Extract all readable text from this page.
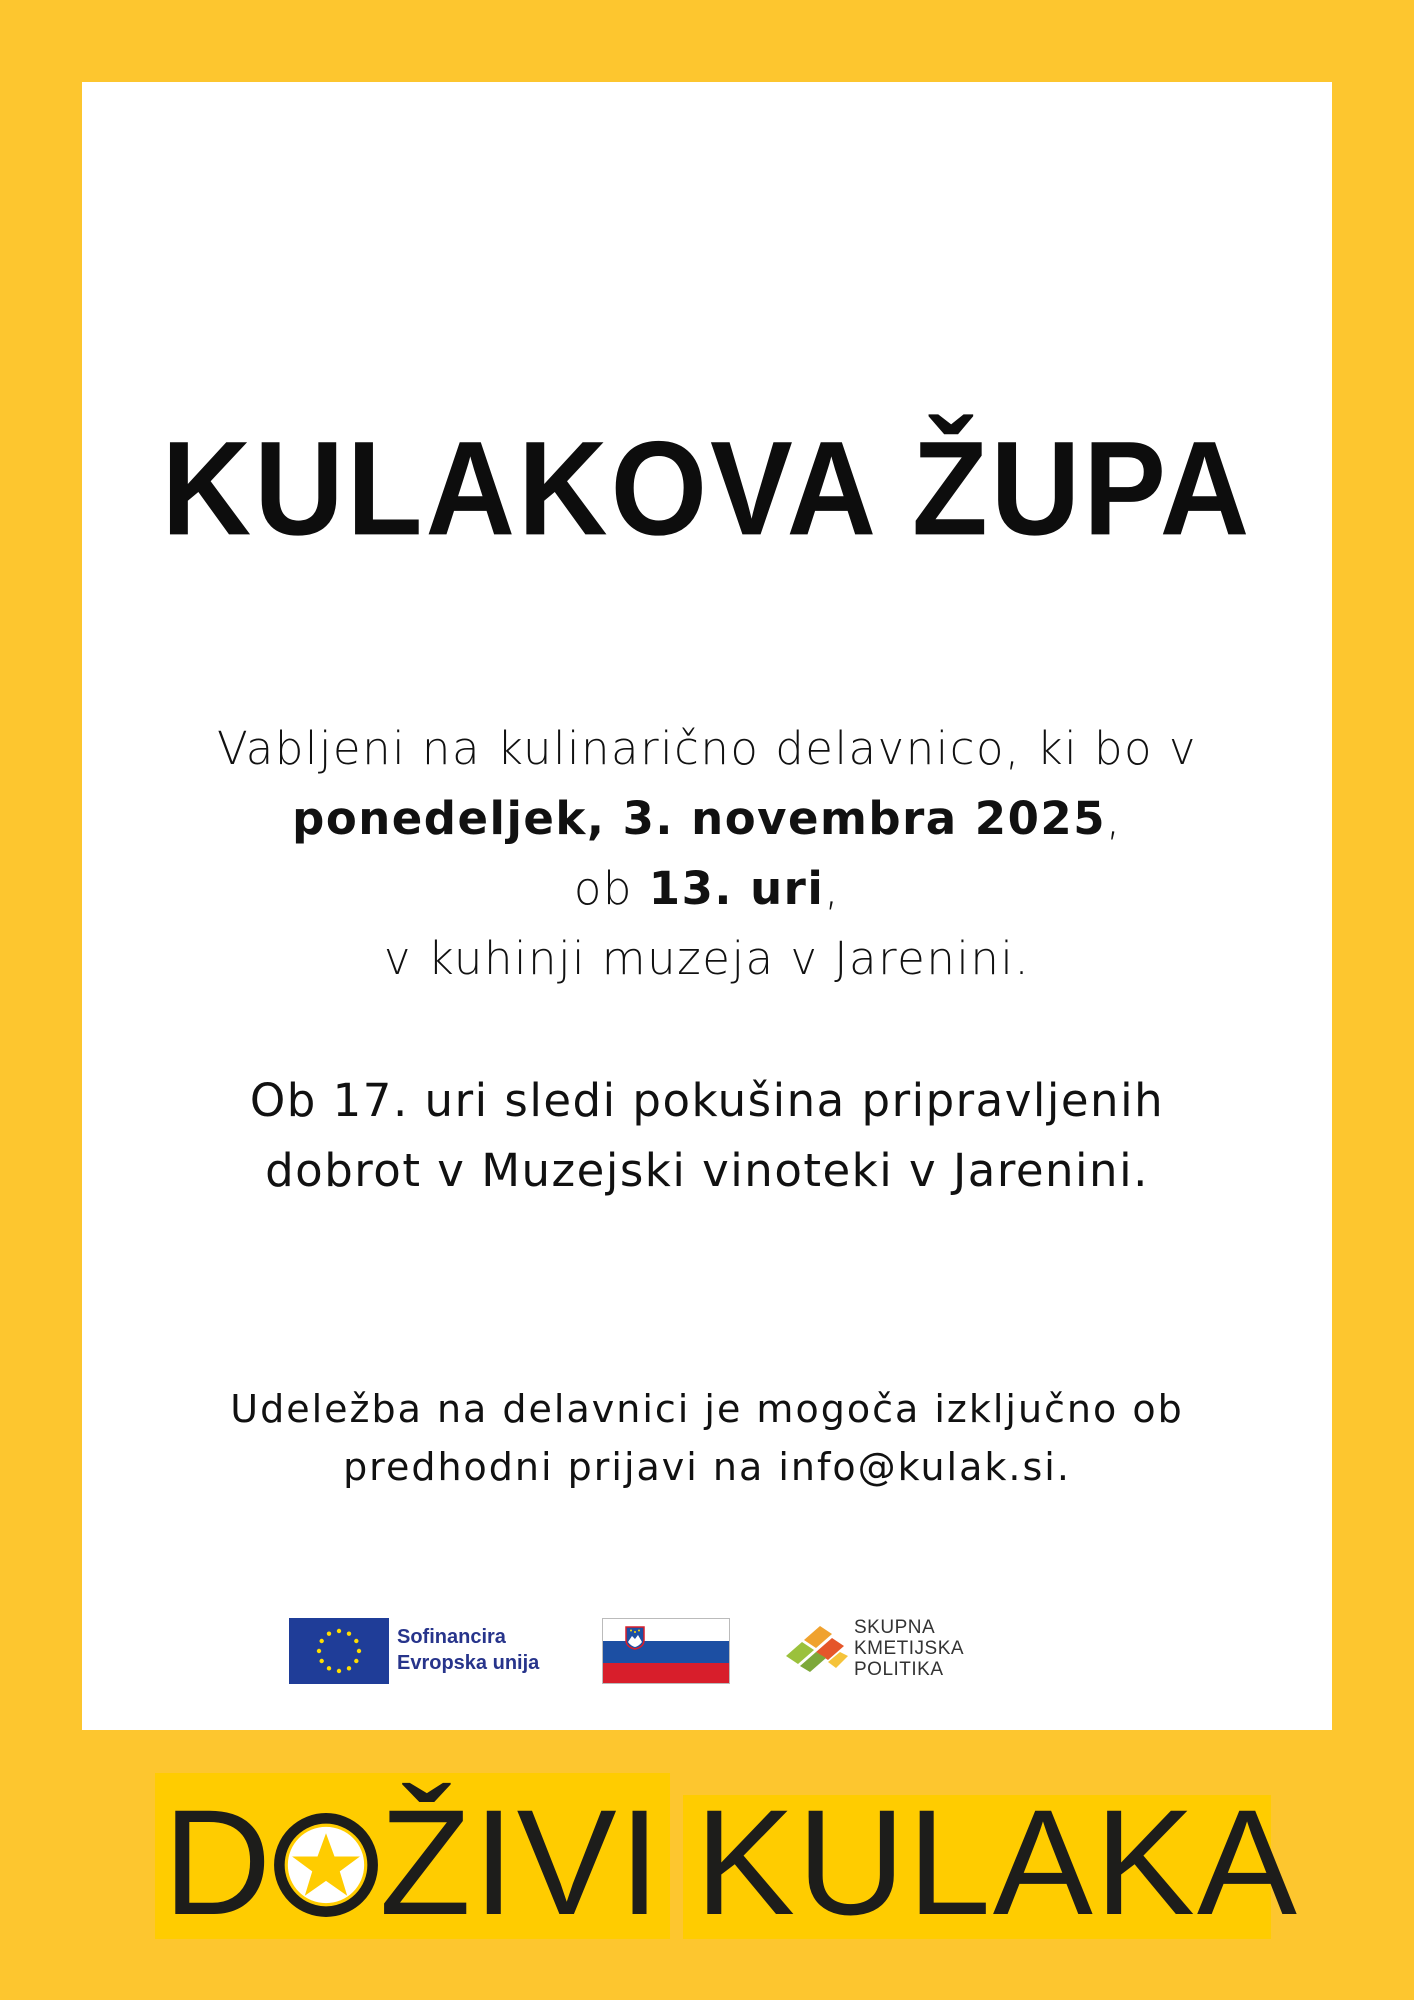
KULAKOVA ŽUPA
Vabljeni na kulinarično delavnico, ki bo v
ponedeljek, 3. novembra 2025,
ob 13. uri,
v kuhinji muzeja v Jarenini.
Ob 17. uri sledi pokušina pripravljenih
dobrot v Muzejski vinoteki v Jarenini.
Udeležba na delavnici je mogoča izključno ob
predhodni prijavi na info@kulak.si.
Sofinancira
Evropska unija
SKUPNA
KMETIJSKA
POLITIKA
D ŽIVI KULAKA
